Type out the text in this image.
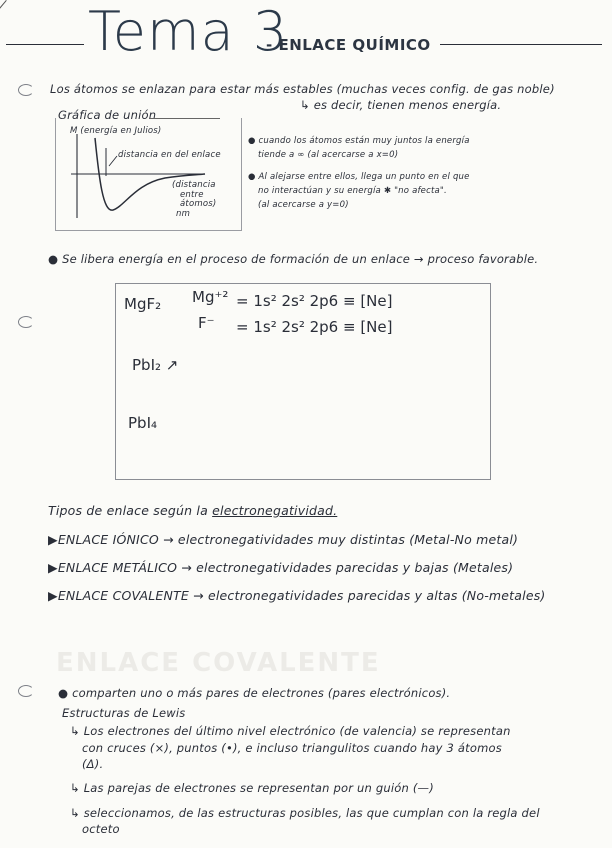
Tema 3
- ENLACE QUÍMICO
Los átomos se enlazan para estar más estables (muchas veces config. de gas noble)
↳ es decir, tienen menos energía.
Gráfica de unión
M (energía en Julios)
distancia en del enlace
(distancia
entre
átomos)
nm
● cuando los átomos están muy juntos la energía
tiende a ∞ (al acercarse a x=0)
● Al alejarse entre ellos, llega un punto en el que
no interactúan y su energía ✱ "no afecta".
(al acercarse a y=0)
● Se libera energía en el proceso de formación de un enlace → proceso favorable.
MgF₂ Mg⁺² = 1s² 2s² 2p6 ≡ [Ne]
F⁻ = 1s² 2s² 2p6 ≡ [Ne]
PbI₂ ↗
PbI₄
Tipos de enlace según la electronegatividad.
▶ENLACE IÓNICO → electronegatividades muy distintas (Metal-No metal)
▶ENLACE METÁLICO → electronegatividades parecidas y bajas (Metales)
▶ENLACE COVALENTE → electronegatividades parecidas y altas (No-metales)
ENLACE COVALENTE
● comparten uno o más pares de electrones (pares electrónicos).
Estructuras de Lewis
↳ Los electrones del último nivel electrónico (de valencia) se representan
con cruces (×), puntos (•), e incluso triangulitos cuando hay 3 átomos
(Δ).
↳ Las parejas de electrones se representan por un guión (—)
↳ seleccionamos, de las estructuras posibles, las que cumplan con la regla del
octeto
